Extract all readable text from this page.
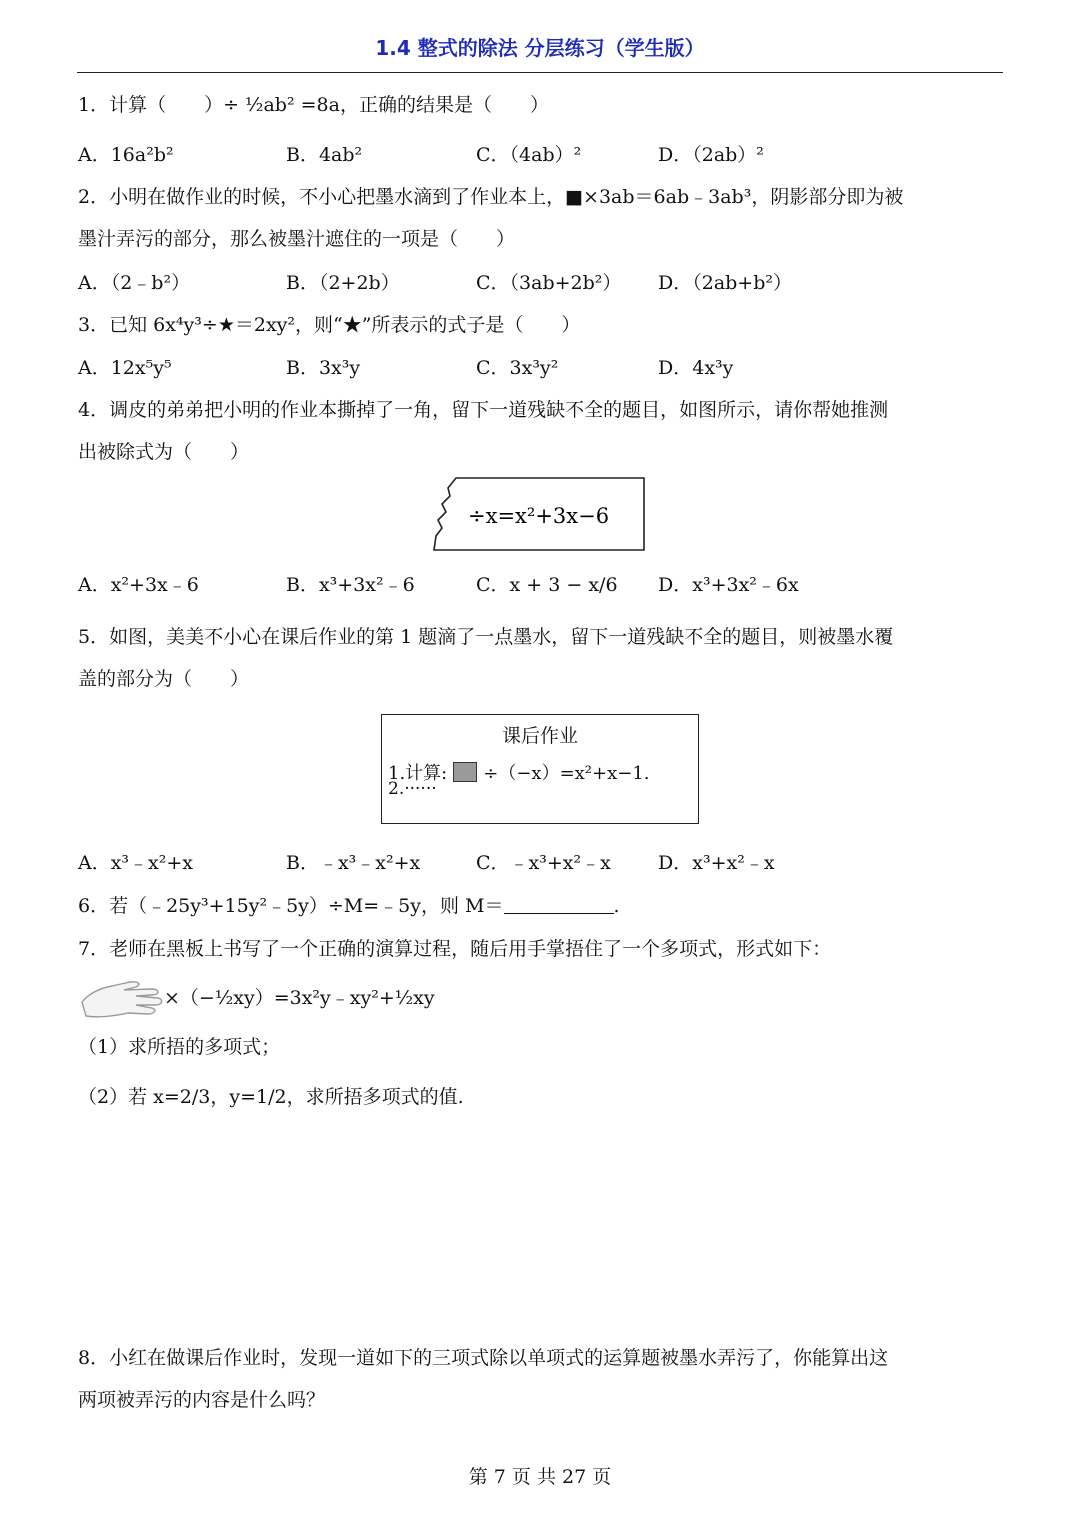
1.4 整式的除法 分层练习（学生版）
1．计算（　　）÷ ½ab² =8a，正确的结果是（　　）
A．16a²b²	B．4ab²	C．（4ab）²	D．（2ab）²
2．小明在做作业的时候，不小心把墨水滴到了作业本上，■×3ab＝6ab﹣3ab³，阴影部分即为被
墨汁弄污的部分，那么被墨汁遮住的一项是（　　）
A．（2﹣b²）	B．（2+2b）	C．（3ab+2b²） D．（2ab+b²）
3．已知 6x⁴y³÷★＝2xy²，则“★”所表示的式子是（　　）
A．12x⁵y⁵	B．3x³y	C．3x³y²	D．4x³y
4．调皮的弟弟把小明的作业本撕掉了一角，留下一道残缺不全的题目，如图所示，请你帮她推测
出被除式为（　　）
÷x=x²+3x−6
A．x²+3x﹣6	B．x³+3x²﹣6	C．x + 3 − x/6 D．x³+3x²﹣6x
5．如图，美美不小心在课后作业的第 1 题滴了一点墨水，留下一道残缺不全的题目，则被墨水覆
盖的部分为（　　）
课后作业
1.计算: ÷（−x）=x²+x−1.
2.······
A．x³﹣x²+x	B．﹣x³﹣x²+x	C．﹣x³+x²﹣x D．x³+x²﹣x
6．若（﹣25y³+15y²﹣5y）÷M=﹣5y，则 M＝	.
7．老师在黑板上书写了一个正确的演算过程，随后用手掌捂住了一个多项式，形式如下：
×（−½xy）=3x²y﹣xy²+½xy
（1）求所捂的多项式；
（2）若 x=2/3，y=1/2，求所捂多项式的值.
8．小红在做课后作业时，发现一道如下的三项式除以单项式的运算题被墨水弄污了，你能算出这
两项被弄污的内容是什么吗？
第 7 页 共 27 页
